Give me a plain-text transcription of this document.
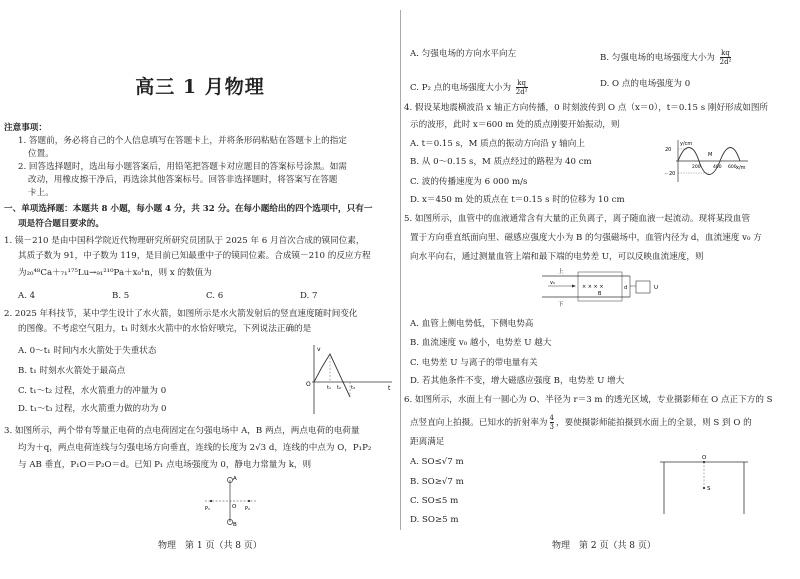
高三 1 月物理
注意事项：
1. 答题前，务必将自己的个人信息填写在答题卡上，并将条形码粘贴在答题卡上的指定
位置。
2. 回答选择题时，选出每小题答案后，用铅笔把答题卡对应题目的答案标号涂黑。如需
改动，用橡皮擦干净后，再选涂其他答案标号。回答非选择题时，将答案写在答题
卡上。
一、单项选择题：本题共 8 小题，每小题 4 分，共 32 分。在每小题给出的四个选项中，只有一
项是符合题目要求的。
1. 镆－210 是由中国科学院近代物理研究所研究员团队于 2025 年 6 月首次合成的镆同位素，
其质子数为 91，中子数为 119，是目前已知最重中子的镆同位素。合成镆－210 的反应方程
为₂₀⁴⁸Ca＋₇₁¹⁷⁵Lu→₉₁²¹⁰Pa＋x₀¹n，则 x 的数值为
A. 4	B. 5	C. 6	D. 7
2. 2025 年科技节，某中学生设计了水火箭，如图所示是水火箭发射后的竖直速度随时间变化
的图像。不考虑空气阻力，t₁ 时刻水火箭中的水恰好喷完，下列说法正确的是
A. 0～t₁ 时间内水火箭处于失重状态
B. t₁ 时刻水火箭处于最高点
C. t₁～t₂ 过程，水火箭重力的冲量为 0
D. t₁～t₃ 过程，水火箭重力做的功为 0
v
t
O	t₁ t₂ t₃
3. 如图所示，两个带有等量正电荷的点电荷固定在匀强电场中 A，B 两点，两点电荷的电荷量
均为＋q，两点电荷连线与匀强电场方向垂直，连线的长度为 2√3 d，连线的中点为 O，P₁P₂
与 AB 垂直，P₁O＝P₂O＝d。已知 P₁ 点电场强度为 0，静电力常量为 k，则
A
B
O
P₁	P₂
物理　第 1 页（共 8 页）
A. 匀强电场的方向水平向左	B. 匀强电场的电场强度大小为 $\frac{kq}{\text{2d²}}$
C. P₂ 点的电场强度大小为 $\frac{kq}{\text{2d²}}$	D. O 点的电场强度为 0
4. 假设某地震横波沿 x 轴正方向传播，0 时刻波传到 O 点（x＝0），t＝0.15 s 刚好形成如图所
示的波形，此时 x＝600 m 处的质点刚要开始振动，则
A. t＝0.15 s，M 质点的振动方向沿 y 轴向上
B. 从 0～0.15 s，M 质点经过的路程为 40 cm
C. 波的传播速度为 6 000 m/s
D. x＝450 m 处的质点在 t＝0.15 s 时的位移为 10 cm
y/cm
x/m
20
－20
200	400 600
M
5. 如图所示，血管中的血液通常含有大量的正负离子，离子随血液一起流动。现将某段血管
置于方向垂直纸面向里、磁感应强度大小为 B 的匀强磁场中，血管内径为 d，血流速度 v₀ 方
向水平向右，通过测量血管上端和最下端的电势差 U，可以反映血流速度，则
× × × ×
上
下
v₀
B
d	U
A. 血管上侧电势低，下侧电势高
B. 血流速度 v₀ 越小，电势差 U 越大
C. 电势差 U 与离子的带电量有关
D. 若其他条件不变，增大磁感应强度 B，电势差 U 增大
6. 如图所示，水面上有一圆心为 O、半径为 r＝3 m 的透光区域，专业摄影师在 O 点正下方的 S
点竖直向上拍摄。已知水的折射率为 $\frac{4}{3}$ ，要使摄影师能拍摄到水面上的全景，则 S 到 O 的
距离满足
A. SO≤√7 m
B. SO≥√7 m
C. SO≤5 m
D. SO≥5 m
O
S
物理　第 2 页（共 8 页）
